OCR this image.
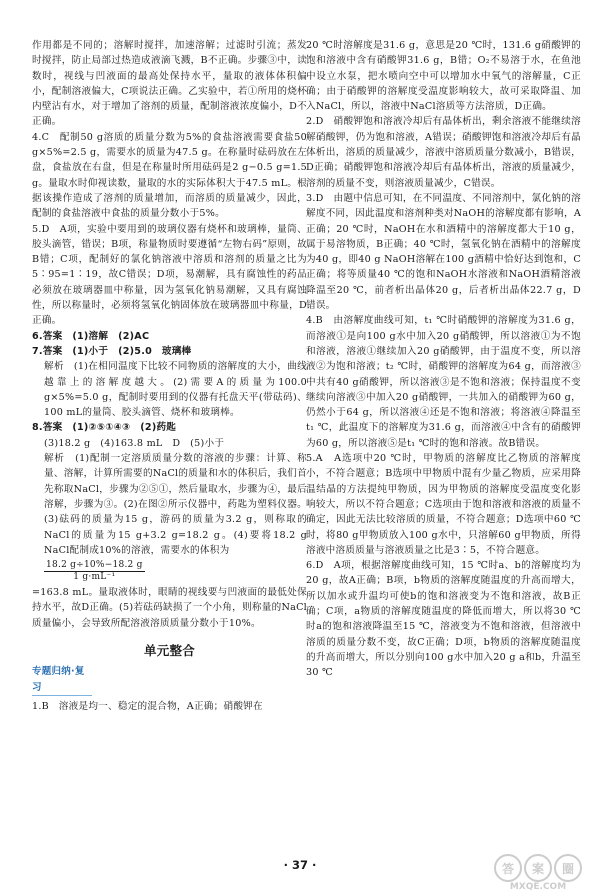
作用都是不同的；溶解时搅拌，加速溶解；过滤时引流；蒸发时搅拌，防止局部过热造成液滴飞溅，B不正确。步骤③中，读数时，视线与凹液面的最高处保持水平，量取的液体体积偏小，配制溶液偏大，C项说法正确。乙实验中，若①所用的烧杯内壁沾有水，对于增加了溶剂的质量，配制溶液浓度偏小，D不正确。

4.C　配制50 g溶质的质量分数为5%的食盐溶液需要食盐50 g×5%=2.5 g，需要水的质量为47.5 g。在称量时砝码放在左盘，食盐放在右盘，但是在称量时所用砝码是2 g−0.5 g=1.5 g。量取水时仰视读数，量取的水的实际体积大于47.5 mL。根据该操作造成了溶剂的质量增加，而溶质的质量减少，因此，配制的食盐溶液中食盐的质量分数小于5%。

5.D　A项，实验中要用到的玻璃仪器有烧杯和玻璃棒，量筒、胶头滴管，错误；B项，称量物质时要遵循“左物右码”原则，故B错；C项，配制好的氯化钠溶液中溶质和溶剂的质量之比为5∶95=1∶19，故C错误；D项，易潮解，具有腐蚀性的药品必须放在玻璃器皿中称量，因为氢氧化钠易潮解，又具有腐蚀性，所以称量时，必须将氢氧化钠固体放在玻璃器皿中称量，D正确。

6.答案　(1)溶解　(2)AC

7.答案　(1)小于　(2)5.0　玻璃棒

解析　(1)在相同温度下比较不同物质的溶解度的大小，曲线越靠上的溶解度越大。(2)需要A的质量为100.0 g×5%=5.0 g，配制时要用到的仪器有托盘天平(带砝码)、100 mL的量筒、胶头滴管、烧杯和玻璃棒。

8.答案　(1)②⑤①④③　(2)药匙

(3)18.2 g　(4)163.8 mL　D　(5)小于

解析　(1)配制一定溶质质量分数的溶液的步骤：计算、称量、溶解，计算所需要的NaCl的质量和水的体积后，我们首先称取NaCl，步骤为②⑤①，然后量取水，步骤为④，最后溶解，步骤为③。(2)在图②所示仪器中，药匙为塑料仪器。(3)砝码的质量为15 g，游码的质量为3.2 g，则称取的NaCl的质量为15 g+3.2 g=18.2 g。(4)要将18.2 g NaCl配制成10%的溶液，需要水的体积为

$\frac{18.2 g\div 10\%-18.2 g}{\text{1 g·mL⁻¹}}$

=163.8 mL。量取液体时，眼睛的视线要与凹液面的最低处保持水平，故D正确。(5)若砝码缺损了一个小角，则称量的NaCl质量偏小，会导致所配溶液溶质质量分数小于10%。

单元整合
专题归纳·复习

1.B　溶液是均一、稳定的混合物，A正确；硝酸钾在

20 ℃时溶解度是31.6 g，意思是20 ℃时，131.6 g硝酸钾的饱和溶液中含有硝酸钾31.6 g，B错；O₂不易溶于水，在鱼池中设立水泵，把水喷向空中可以增加水中氧气的溶解量，C正确；由于硝酸钾的溶解度受温度影响较大，故可采取降温、加入NaCl，所以，溶液中NaCl溶质等方法溶质，D正确。

2.D　硝酸钾饱和溶液冷却后有晶体析出，剩余溶液不能继续溶解硝酸钾，仍为饱和溶液，A错误；硝酸钾饱和溶液冷却后有晶体析出，溶质的质量减少，溶液中溶质质量分数减小，B错误，D正确；硝酸钾饱和溶液冷却后有晶体析出，溶液的质量减少，溶剂的质量不变，则溶液质量减少，C错误。

3.D　由题中信息可知，在不同温度、不同溶剂中，氯化钠的溶解度不同，因此温度和溶剂种类对NaOH的溶解度都有影响，A正确；20 ℃时，NaOH在水和酒精中的溶解度都大于10 g，属于易溶物质，B正确；40 ℃时，氢氧化钠在酒精中的溶解度为40 g，即40 g NaOH溶解在100 g酒精中恰好达到饱和，C正确；将等质量40 ℃的饱和NaOH水溶液和NaOH酒精溶液降温至20 ℃，前者析出晶体20 g，后者析出晶体22.7 g，D错误。

4.B　由溶解度曲线可知，t₁ ℃时硝酸钾的溶解度为31.6 g，而溶液①是向100 g水中加入20 g硝酸钾，所以溶液①为不饱和溶液，溶液①继续加入20 g硝酸钾，由于温度不变，所以溶液②为饱和溶液；t₂ ℃时，硝酸钾的溶解度为64 g，而溶液③中共有40 g硝酸钾，所以溶液③是不饱和溶液；保持温度不变继续向溶液③中加入20 g硝酸钾，一共加入的硝酸钾为60 g，仍然小于64 g，所以溶液④还是不饱和溶液；将溶液④降温至t₁ ℃，此温度下的溶解度为31.6 g，而溶液④中含有的硝酸钾为60 g，所以溶液⑤是t₁ ℃时的饱和溶液。故B错误。

5.A　A选项中20 ℃时，甲物质的溶解度比乙物质的溶解度小，不符合题意；B选项中甲物质中混有少量乙物质，应采用降温结晶的方法提纯甲物质，因为甲物质的溶解度受温度变化影响较大，所以不符合题意；C选项由于饱和溶液和溶液的质量不确定，因此无法比较溶质的质量，不符合题意；D选项中60 ℃时，将80 g甲物质放入100 g水中，只溶解60 g甲物质，所得溶液中溶质质量与溶液质量之比是3∶5，不符合题意。

6.D　A项，根据溶解度曲线可知，15 ℃时a、b的溶解度均为20 g，故A正确；B项，b物质的溶解度随温度的升高而增大，所以加水或升温均可使b的饱和溶液变为不饱和溶液，故B正确；C项，a物质的溶解度随温度的降低而增大，所以将30 ℃时a的饱和溶液降温至15 ℃，溶液变为不饱和溶液，但溶液中溶质的质量分数不变，故C正确；D项，b物质的溶解度随温度的升高而增大，所以分别向100 g水中加入20 g a和b，升温至30 ℃

· 37 ·	答 案 圈
MXQE.COM
